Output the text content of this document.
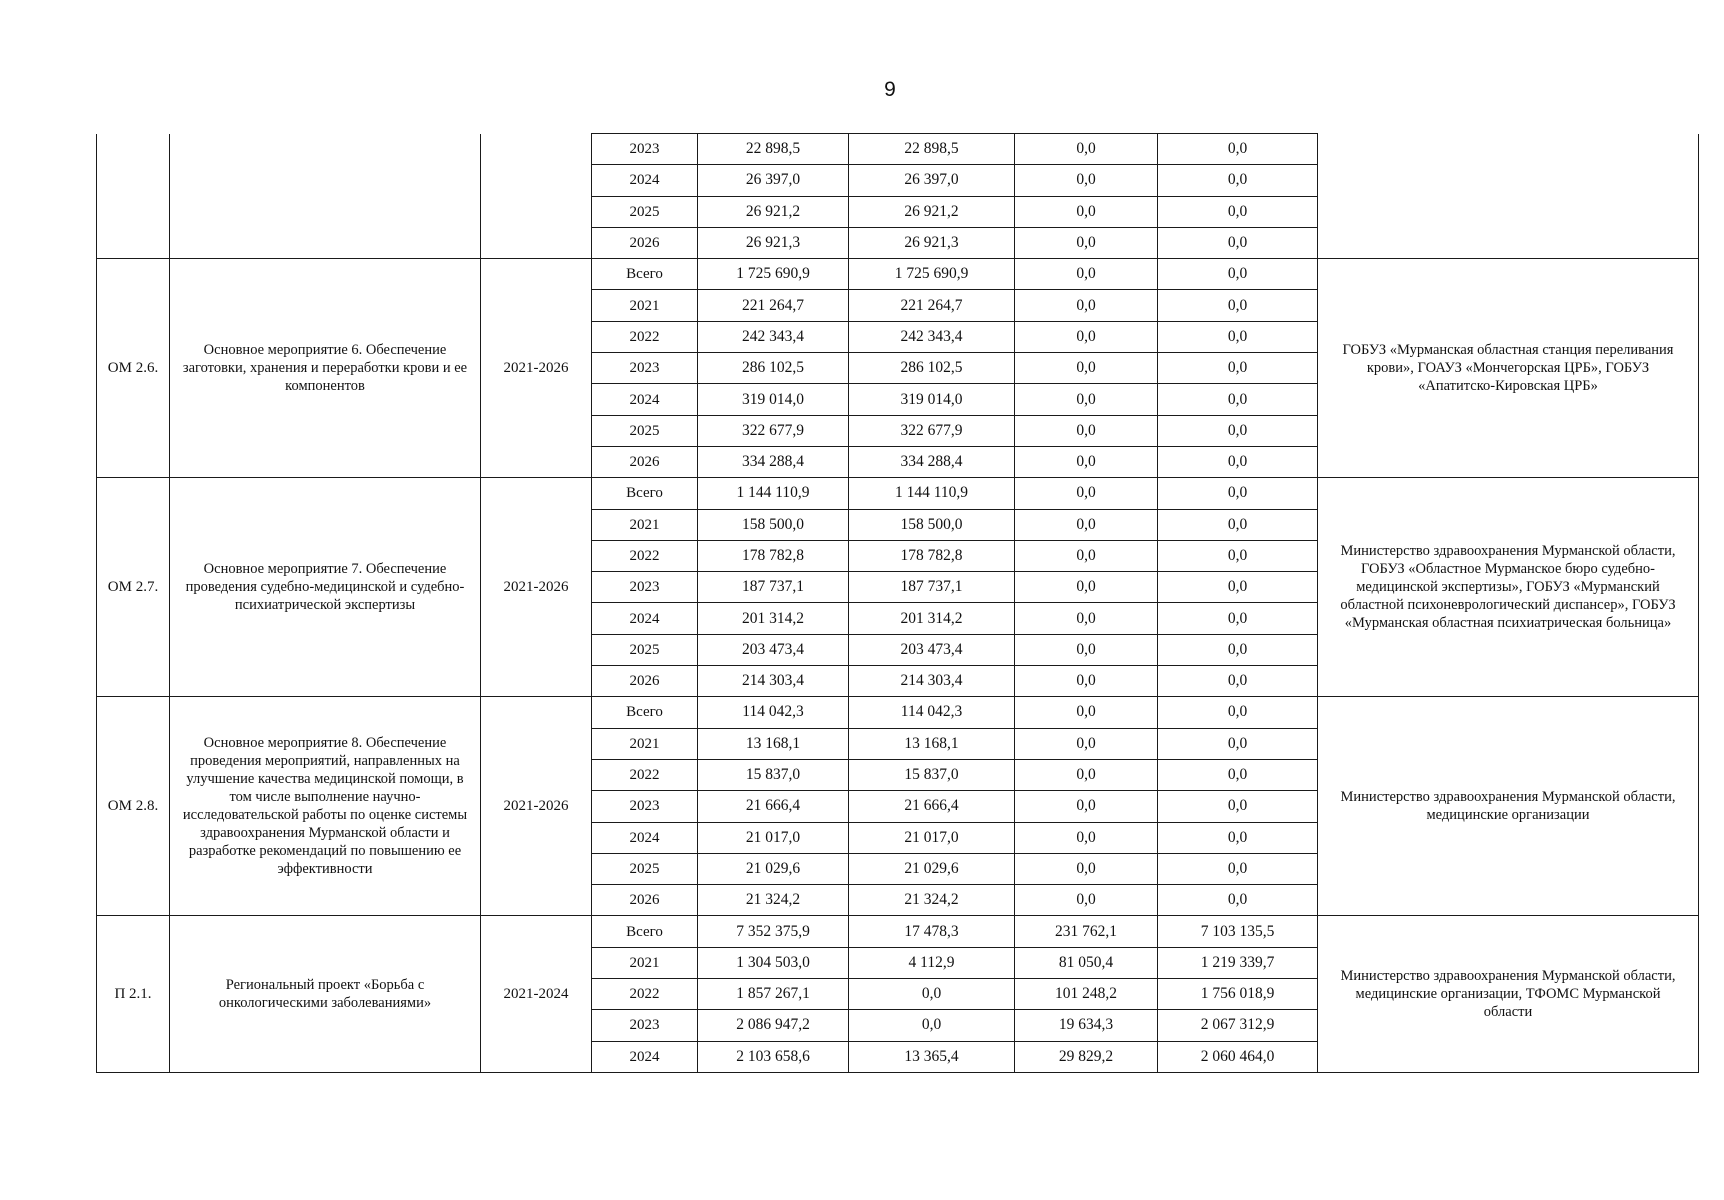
9
			2023	22 898,5	22 898,5	0,0	0,0	
			2024	26 397,0	26 397,0	0,0	0,0	
			2025	26 921,2	26 921,2	0,0	0,0	
			2026	26 921,3	26 921,3	0,0	0,0	
ОМ 2.6.	Основное мероприятие 6. Обеспечение заготовки, хранения и переработки крови и ее компонентов	2021-2026	Всего	1 725 690,9	1 725 690,9	0,0	0,0	ГОБУЗ «Мурманская областная станция переливания крови», ГОАУЗ «Мончегорская ЦРБ», ГОБУЗ «Апатитско-Кировская ЦРБ»
			2021	221 264,7	221 264,7	0,0	0,0	
			2022	242 343,4	242 343,4	0,0	0,0	
			2023	286 102,5	286 102,5	0,0	0,0	
			2024	319 014,0	319 014,0	0,0	0,0	
			2025	322 677,9	322 677,9	0,0	0,0	
			2026	334 288,4	334 288,4	0,0	0,0	
ОМ 2.7.	Основное мероприятие 7. Обеспечение проведения судебно-медицинской и судебно-психиатрической экспертизы	2021-2026	Всего	1 144 110,9	1 144 110,9	0,0	0,0	Министерство здравоохранения Мурманской области, ГОБУЗ «Областное Мурманское бюро судебно-медицинской экспертизы», ГОБУЗ «Мурманский областной психоневрологический диспансер», ГОБУЗ «Мурманская областная психиатрическая больница»
			2021	158 500,0	158 500,0	0,0	0,0	
			2022	178 782,8	178 782,8	0,0	0,0	
			2023	187 737,1	187 737,1	0,0	0,0	
			2024	201 314,2	201 314,2	0,0	0,0	
			2025	203 473,4	203 473,4	0,0	0,0	
			2026	214 303,4	214 303,4	0,0	0,0	
ОМ 2.8.	Основное мероприятие 8. Обеспечение проведения мероприятий, направленных на улучшение качества медицинской помощи, в том числе выполнение научно-исследовательской работы по оценке системы здравоохранения Мурманской области и разработке рекомендаций по повышению ее эффективности	2021-2026	Всего	114 042,3	114 042,3	0,0	0,0	Министерство здравоохранения Мурманской области, медицинские организации
			2021	13 168,1	13 168,1	0,0	0,0	
			2022	15 837,0	15 837,0	0,0	0,0	
			2023	21 666,4	21 666,4	0,0	0,0	
			2024	21 017,0	21 017,0	0,0	0,0	
			2025	21 029,6	21 029,6	0,0	0,0	
			2026	21 324,2	21 324,2	0,0	0,0	
П 2.1.	Региональный проект «Борьба с онкологическими заболеваниями»	2021-2024	Всего	7 352 375,9	17 478,3	231 762,1	7 103 135,5	Министерство здравоохранения Мурманской области, медицинские организации, ТФОМС Мурманской области
			2021	1 304 503,0	4 112,9	81 050,4	1 219 339,7	
			2022	1 857 267,1	0,0	101 248,2	1 756 018,9	
			2023	2 086 947,2	0,0	19 634,3	2 067 312,9	
			2024	2 103 658,6	13 365,4	29 829,2	2 060 464,0	
